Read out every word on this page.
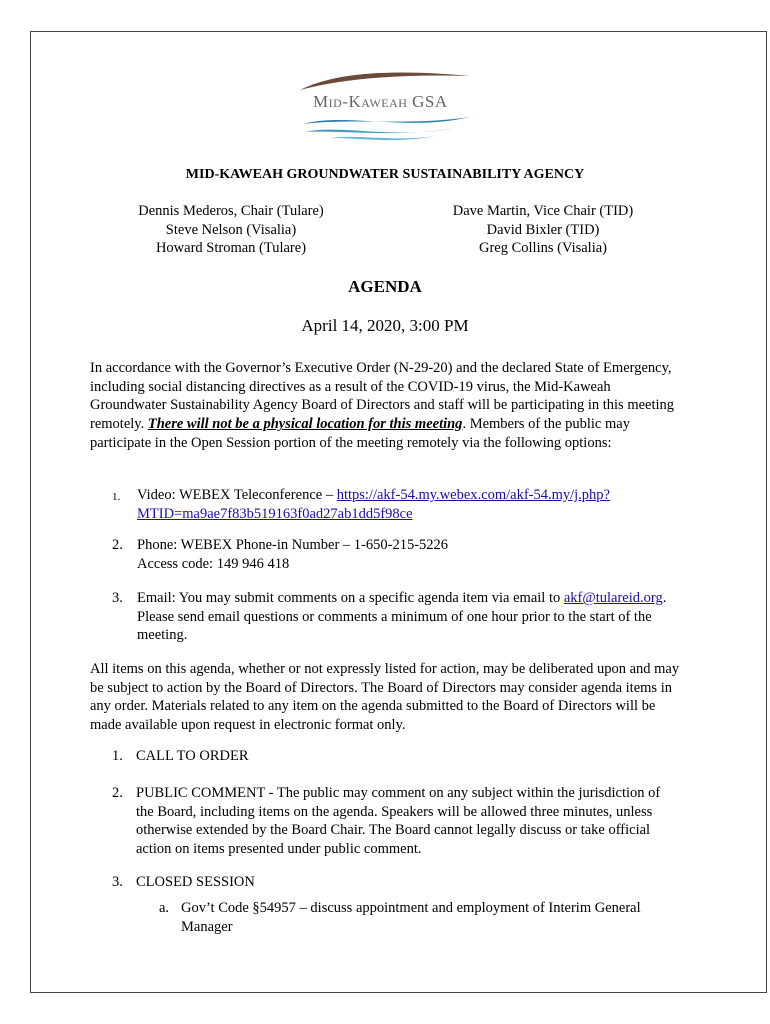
Mid-Kaweah GSA
MID-KAWEAH GROUNDWATER SUSTAINABILITY AGENCY
Dennis Mederos, Chair (Tulare)
Steve Nelson (Visalia)
Howard Stroman (Tulare)
Dave Martin, Vice Chair (TID)
David Bixler (TID)
Greg Collins (Visalia)
AGENDA
April 14, 2020, 3:00 PM
In accordance with the Governor’s Executive Order (N-29-20) and the declared State of Emergency, including social distancing directives as a result of the COVID-19 virus, the Mid-Kaweah Groundwater Sustainability Agency Board of Directors and staff will be participating in this meeting remotely. There will not be a physical location for this meeting. Members of the public may participate in the Open Session portion of the meeting remotely via the following options:
1. Video: WEBEX Teleconference – https://akf-54.my.webex.com/akf-54.my/j.php?MTID=ma9ae7f83b519163f0ad27ab1dd5f98ce
2. Phone: WEBEX Phone-in Number – 1-650-215-5226
Access code: 149 946 418
3. Email: You may submit comments on a specific agenda item via email to akf@tulareid.org. Please send email questions or comments a minimum of one hour prior to the start of the meeting.
All items on this agenda, whether or not expressly listed for action, may be deliberated upon and may be subject to action by the Board of Directors. The Board of Directors may consider agenda items in any order. Materials related to any item on the agenda submitted to the Board of Directors will be made available upon request in electronic format only.
1. CALL TO ORDER
2. PUBLIC COMMENT - The public may comment on any subject within the jurisdiction of the Board, including items on the agenda. Speakers will be allowed three minutes, unless otherwise extended by the Board Chair. The Board cannot legally discuss or take official action on items presented under public comment.
3. CLOSED SESSION
a. Gov’t Code §54957 – discuss appointment and employment of Interim General Manager
